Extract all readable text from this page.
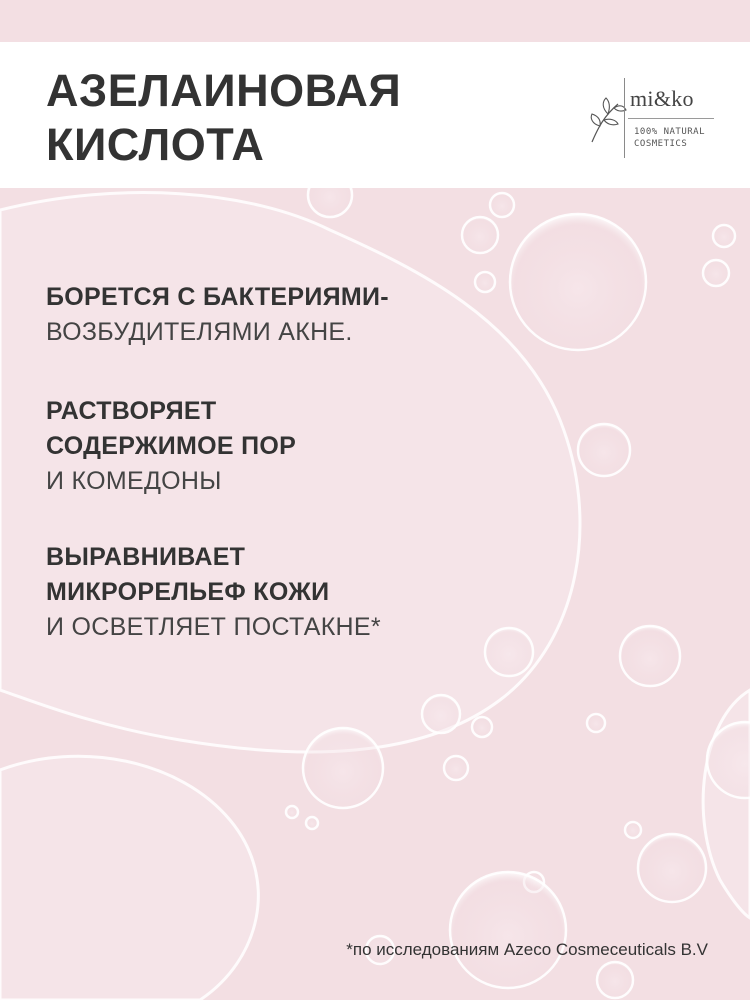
АЗЕЛАИНОВАЯ
КИСЛОТА
mi&ko
100% NATURAL
COSMETICS
БОРЕТСЯ С БАКТЕРИЯМИ-
ВОЗБУДИТЕЛЯМИ АКНЕ.
РАСТВОРЯЕТ
СОДЕРЖИМОЕ ПОР
И КОМЕДОНЫ
ВЫРАВНИВАЕТ
МИКРОРЕЛЬЕФ КОЖИ
И ОСВЕТЛЯЕТ ПОСТАКНЕ*
*по исследованиям Azeco Cosmeceuticals B.V
